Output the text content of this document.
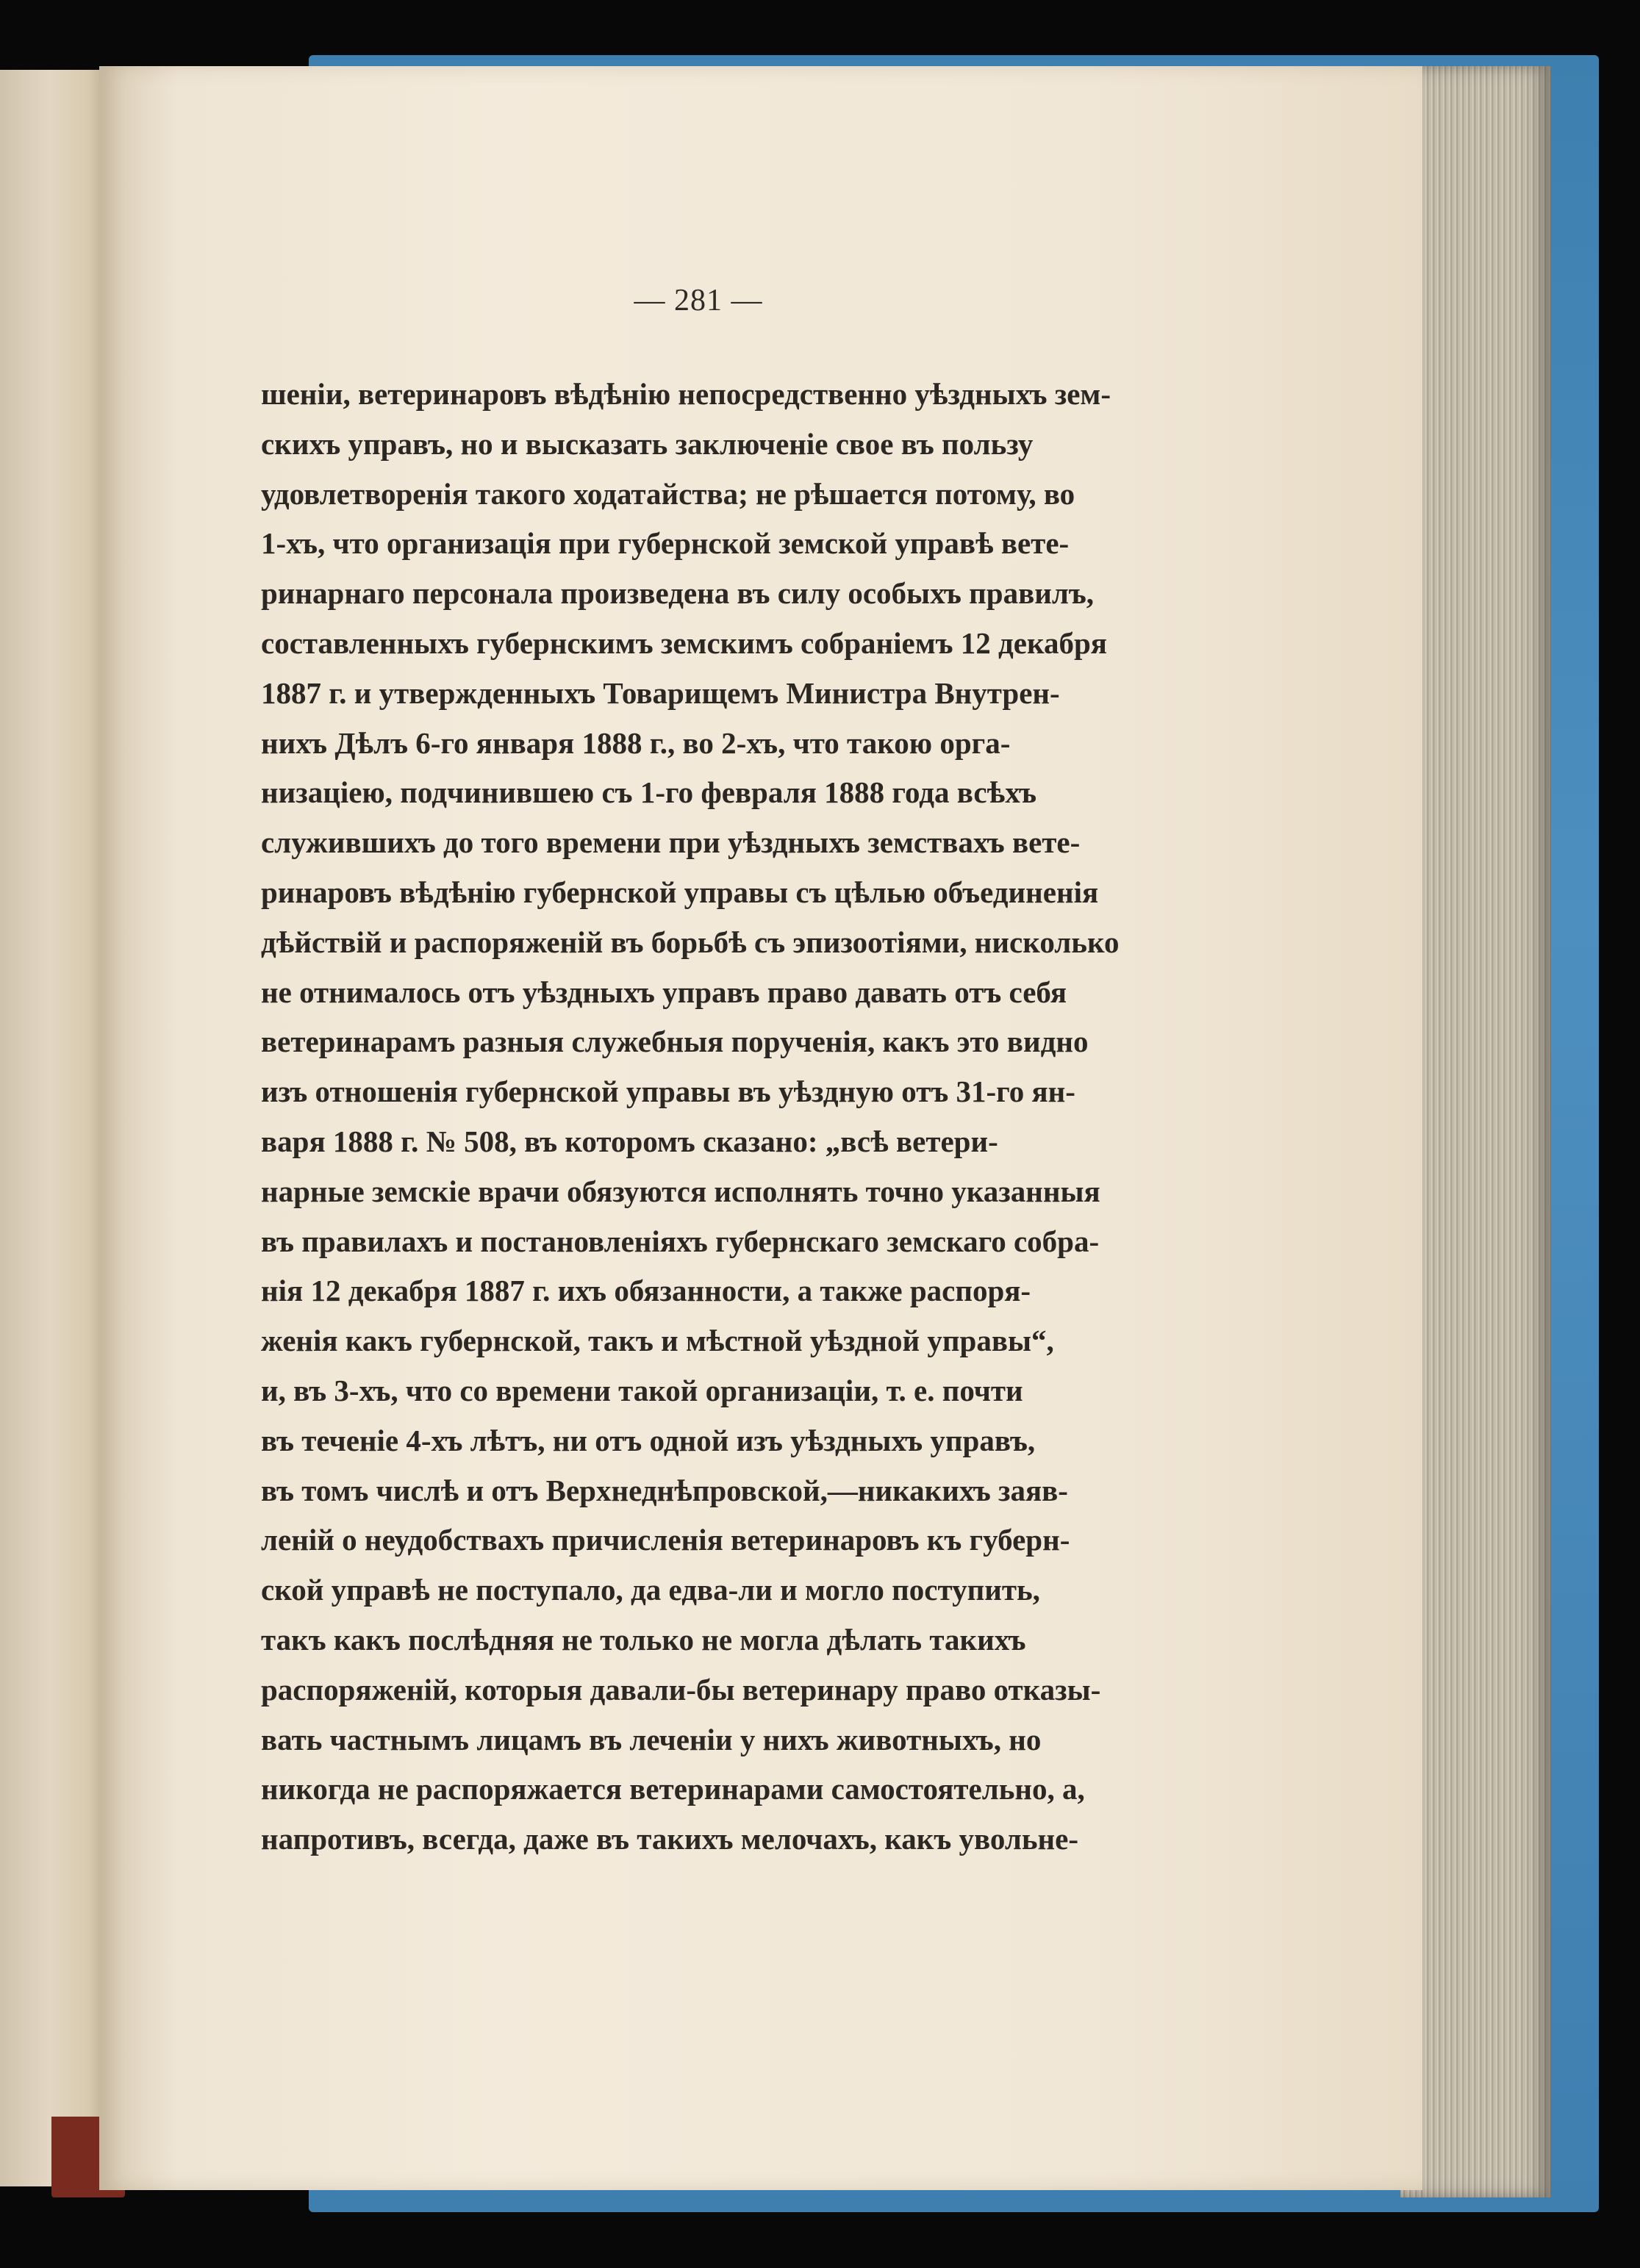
— 281 —
шеніи, ветеринаровъ вѣдѣнію непосредственно уѣздныхъ зем-
скихъ управъ, но и высказать заключеніе свое въ пользу
удовлетворенія такого ходатайства; не рѣшается потому, во
1-хъ, что организація при губернской земской управѣ вете-
ринарнаго персонала произведена въ силу особыхъ правилъ,
составленныхъ губернскимъ земскимъ собраніемъ 12 декабря
1887 г. и утвержденныхъ Товарищемъ Министра Внутрен-
нихъ Дѣлъ 6-го января 1888 г., во 2-хъ, что такою орга-
низаціею, подчинившею съ 1-го февраля 1888 года всѣхъ
служившихъ до того времени при уѣздныхъ земствахъ вете-
ринаровъ вѣдѣнію губернской управы съ цѣлью объединенія
дѣйствій и распоряженій въ борьбѣ съ эпизоотіями, нисколько
не отнималось отъ уѣздныхъ управъ право давать отъ себя
ветеринарамъ разныя служебныя порученія, какъ это видно
изъ отношенія губернской управы въ уѣздную отъ 31-го ян-
варя 1888 г. № 508, въ которомъ сказано: „всѣ ветери-
нарные земскіе врачи обязуются исполнять точно указанныя
въ правилахъ и постановленіяхъ губернскаго земскаго собра-
нія 12 декабря 1887 г. ихъ обязанности, а также распоря-
женія какъ губернской, такъ и мѣстной уѣздной управы“,
и, въ 3-хъ, что со времени такой организаціи, т. е. почти
въ теченіе 4-хъ лѣтъ, ни отъ одной изъ уѣздныхъ управъ,
въ томъ числѣ и отъ Верхнеднѣпровской,—никакихъ заяв-
леній о неудобствахъ причисленія ветеринаровъ къ губерн-
ской управѣ не поступало, да едва-ли и могло поступить,
такъ какъ послѣдняя не только не могла дѣлать такихъ
распоряженій, которыя давали-бы ветеринару право отказы-
вать частнымъ лицамъ въ леченіи у нихъ животныхъ, но
никогда не распоряжается ветеринарами самостоятельно, а,
напротивъ, всегда, даже въ такихъ мелочахъ, какъ увольне-
